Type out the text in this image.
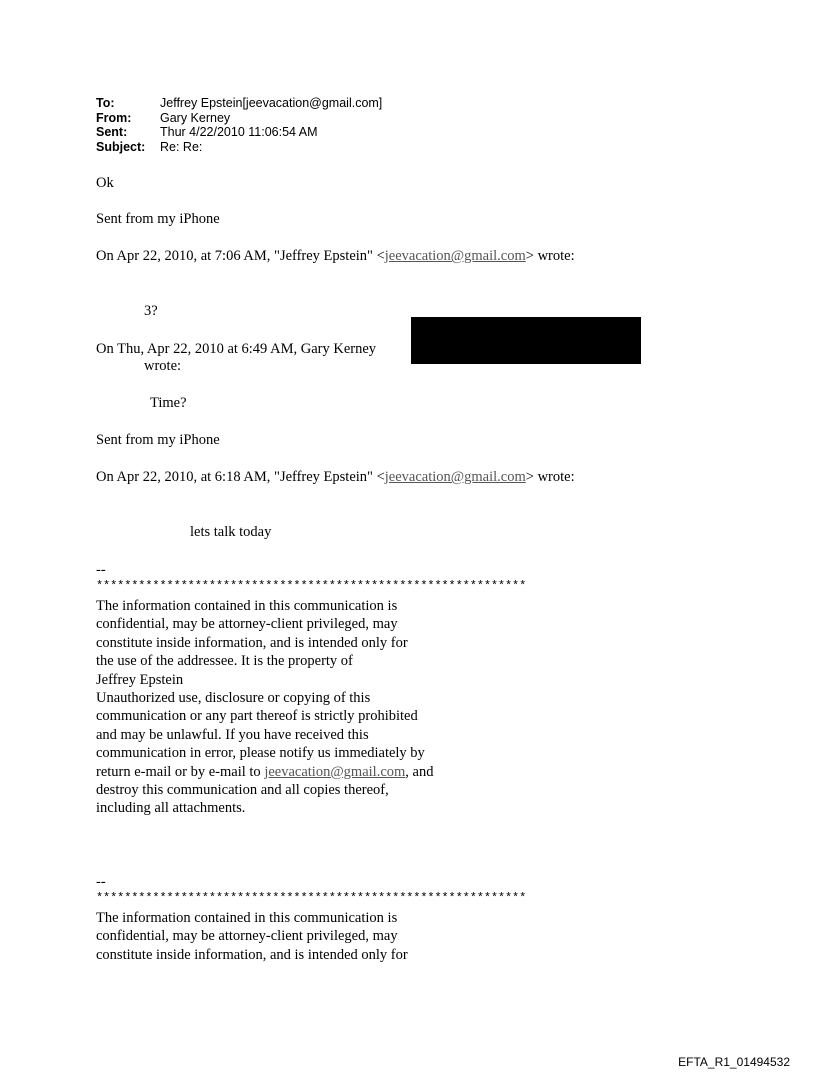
To:	Jeffrey Epstein[jeevacation@gmail.com]
From:	Gary Kerney
Sent:	Thur 4/22/2010 11:06:54 AM
Subject:	Re: Re:
Ok
Sent from my iPhone
On Apr 22, 2010, at 7:06 AM, "Jeffrey Epstein" <jeevacation@gmail.com> wrote:
3?
On Thu, Apr 22, 2010 at 6:49 AM, Gary Kerney
wrote:
Time?
Sent from my iPhone
On Apr 22, 2010, at 6:18 AM, "Jeffrey Epstein" <jeevacation@gmail.com> wrote:
lets talk today
--
*************************************************************
The information contained in this communication is
confidential, may be attorney-client privileged, may
constitute inside information, and is intended only for
the use of the addressee. It is the property of
Jeffrey Epstein
Unauthorized use, disclosure or copying of this
communication or any part thereof is strictly prohibited
and may be unlawful. If you have received this
communication in error, please notify us immediately by
return e-mail or by e-mail to jeevacation@gmail.com, and
destroy this communication and all copies thereof,
including all attachments.
--
*************************************************************
The information contained in this communication is
confidential, may be attorney-client privileged, may
constitute inside information, and is intended only for
EFTA_R1_01494532
